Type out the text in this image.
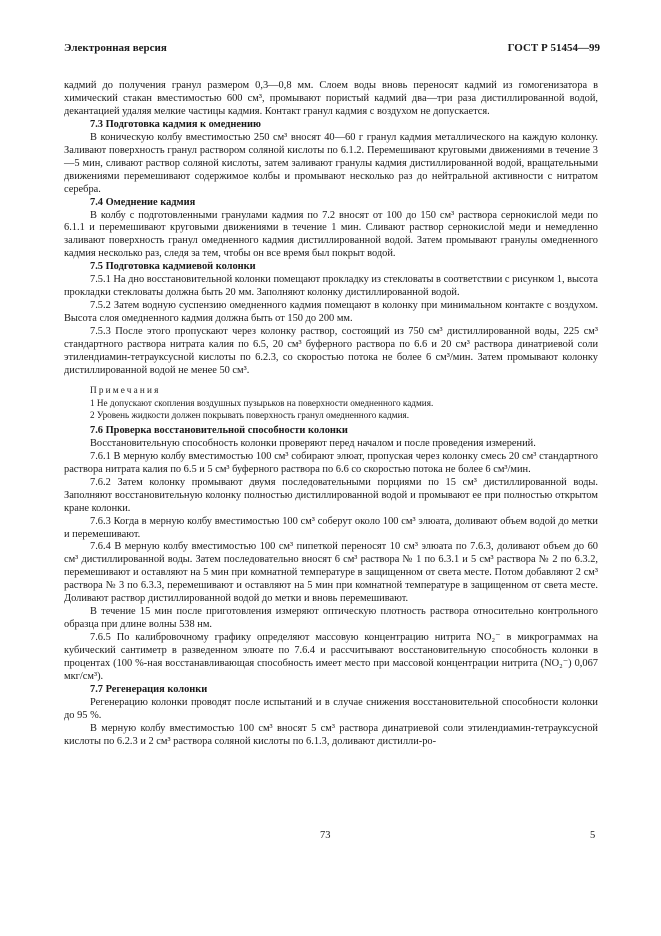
Электронная версия	ГОСТ Р 51454—99

кадмий до получения гранул размером 0,3—0,8 мм. Слоем воды вновь переносят кадмий из гомогенизатора в химический стакан вместимостью 600 см³, промывают пористый кадмий два—три раза дистиллированной водой, декантацией удаляя мелкие частицы кадмия. Контакт гранул кадмия с воздухом не допускается.

7.3 Подготовка кадмия к омеднению

В коническую колбу вместимостью 250 см³ вносят 40—60 г гранул кадмия металлического на каждую колонку. Заливают поверхность гранул раствором соляной кислоты по 6.1.2. Перемешивают круговыми движениями в течение 3—5 мин, сливают раствор соляной кислоты, затем заливают гранулы кадмия дистиллированной водой, вращательными движениями перемешивают содержимое колбы и промывают несколько раз до нейтральной активности с нитратом серебра.

7.4 Омеднение кадмия

В колбу с подготовленными гранулами кадмия по 7.2 вносят от 100 до 150 см³ раствора сернокислой меди по 6.1.1 и перемешивают круговыми движениями в течение 1 мин. Сливают раствор сернокислой меди и немедленно заливают поверхность гранул омедненного кадмия дистиллированной водой. Затем промывают гранулы омедненного кадмия несколько раз, следя за тем, чтобы он все время был покрыт водой.

7.5 Подготовка кадмиевой колонки

7.5.1 На дно восстановительной колонки помещают прокладку из стекловаты в соответствии с рисунком 1, высота прокладки стекловаты должна быть 20 мм. Заполняют колонку дистиллированной водой.

7.5.2 Затем водную суспензию омедненного кадмия помещают в колонку при минимальном контакте с воздухом. Высота слоя омедненного кадмия должна быть от 150 до 200 мм.

7.5.3 После этого пропускают через колонку раствор, состоящий из 750 см³ дистиллированной воды, 225 см³ стандартного раствора нитрата калия по 6.5, 20 см³ буферного раствора по 6.6 и 20 см³ раствора динатриевой соли этилендиамин-тетрауксусной кислоты по 6.2.3, со скоростью потока не более 6 см³/мин. Затем промывают колонку дистиллированной водой не менее 50 см³.

Примечания
1 Не допускают скопления воздушных пузырьков на поверхности омедненного кадмия.
2 Уровень жидкости должен покрывать поверхность гранул омедненного кадмия.

7.6 Проверка восстановительной способности колонки

Восстановительную способность колонки проверяют перед началом и после проведения измерений.

7.6.1 В мерную колбу вместимостью 100 см³ собирают элюат, пропуская через колонку смесь 20 см³ стандартного раствора нитрата калия по 6.5 и 5 см³ буферного раствора по 6.6 со скоростью потока не более 6 см³/мин.

7.6.2 Затем колонку промывают двумя последовательными порциями по 15 см³ дистиллированной воды. Заполняют восстановительную колонку полностью дистиллированной водой и промывают ее при полностью открытом кране колонки.

7.6.3 Когда в мерную колбу вместимостью 100 см³ соберут около 100 см³ элюата, доливают объем водой до метки и перемешивают.

7.6.4 В мерную колбу вместимостью 100 см³ пипеткой переносят 10 см³ элюата по 7.6.3, доливают объем до 60 см³ дистиллированной воды. Затем последовательно вносят 6 см³ раствора № 1 по 6.3.1 и 5 см³ раствора № 2 по 6.3.2, перемешивают и оставляют на 5 мин при комнатной температуре в защищенном от света месте. Потом добавляют 2 см³ раствора № 3 по 6.3.3, перемешивают и оставляют на 5 мин при комнатной температуре в защищенном от света месте. Доливают раствор дистиллированной водой до метки и вновь перемешивают.

В течение 15 мин после приготовления измеряют оптическую плотность раствора относительно контрольного образца при длине волны 538 нм.

7.6.5 По калибровочному графику определяют массовую концентрацию нитрита NO₂⁻ в микрограммах на кубический сантиметр в разведенном элюате по 7.6.4 и рассчитывают восстановительную способность колонки в процентах (100 %-ная восстанавливающая способность имеет место при массовой концентрации нитрита (NO₂⁻) 0,067 мкг/см³).

7.7 Регенерация колонки

Регенерацию колонки проводят после испытаний и в случае снижения восстановительной способности колонки до 95 %.

В мерную колбу вместимостью 100 см³ вносят 5 см³ раствора динатриевой соли этилендиамин-тетрауксусной кислоты по 6.2.3 и 2 см³ раствора соляной кислоты по 6.1.3, доливают дистилли-ро-

73	5
